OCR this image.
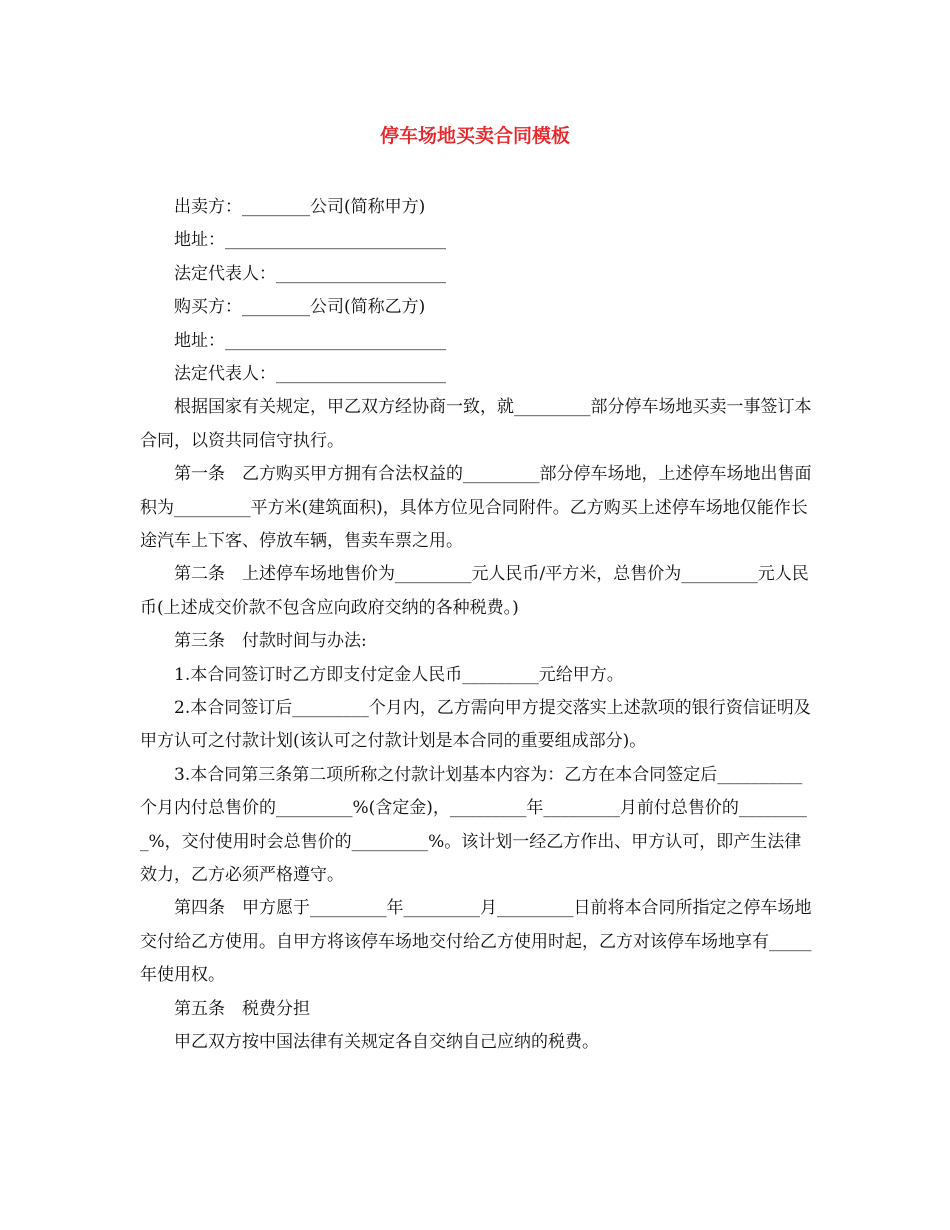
停车场地买卖合同模板
出卖方：________公司(简称甲方)
地址：__________________________
法定代表人：____________________
购买方：________公司(简称乙方)
地址：__________________________
法定代表人：____________________

根据国家有关规定，甲乙双方经协商一致，就_________部分停车场地买卖一事签订本合同，以资共同信守执行。

第一条　乙方购买甲方拥有合法权益的_________部分停车场地，上述停车场地出售面积为_________平方米(建筑面积)，具体方位见合同附件。乙方购买上述停车场地仅能作长途汽车上下客、停放车辆，售卖车票之用。

第二条　上述停车场地售价为_________元人民币/平方米，总售价为_________元人民币(上述成交价款不包含应向政府交纳的各种税费。)

第三条　付款时间与办法:

1.本合同签订时乙方即支付定金人民币_________元给甲方。

2.本合同签订后_________个月内，乙方需向甲方提交落实上述款项的银行资信证明及甲方认可之付款计划(该认可之付款计划是本合同的重要组成部分)。

3.本合同第三条第二项所称之付款计划基本内容为：乙方在本合同签定后__________个月内付总售价的_________%(含定金)，_________年_________月前付总售价的_________%，交付使用时会总售价的_________%。该计划一经乙方作出、甲方认可，即产生法律效力，乙方必须严格遵守。

第四条　甲方愿于_________年_________月_________日前将本合同所指定之停车场地交付给乙方使用。自甲方将该停车场地交付给乙方使用时起，乙方对该停车场地享有_____年使用权。

第五条　税费分担

甲乙双方按中国法律有关规定各自交纳自己应纳的税费。
